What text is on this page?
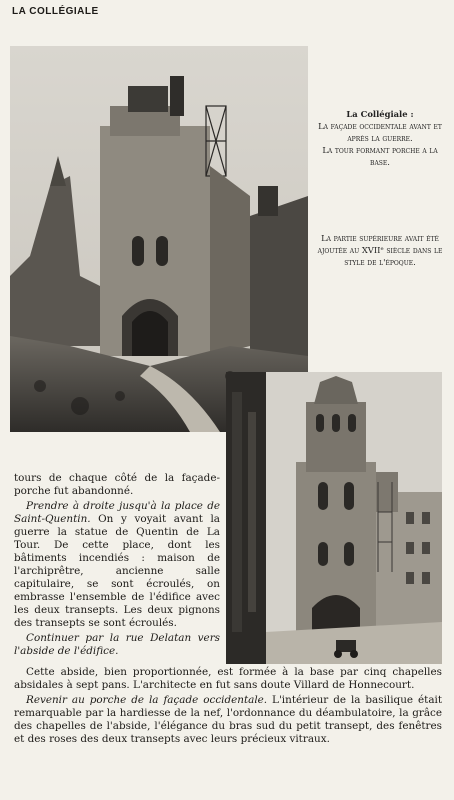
LA COLLÉGIALE
La Collégiale :
La façade occidentale avant et après la guerre.
La tour formant porche a la base.
La partie supérieure avait été ajoutée au XVIIᵉ siècle dans le style de l'époque.

tours de chaque côté de la façade-porche fut abandonné.

Prendre à droite jusqu'à la place de Saint-Quentin. On y voyait avant la guerre la statue de Quentin de La Tour. De cette place, dont les bâtiments incendiés : maison de l'archiprêtre, ancienne salle capitulaire, se sont écroulés, on embrasse l'ensemble de l'édifice avec les deux transepts. Les deux pignons des transepts se sont écroulés.

Continuer par la rue Delatan vers l'abside de l'édifice.

Cette abside, bien proportionnée, est formée à la base par cinq chapelles absidales à sept pans. L'architecte en fut sans doute Villard de Honnecourt.

Revenir au porche de la façade occidentale. L'intérieur de la basilique était remarquable par la hardiesse de la nef, l'ordonnance du déambulatoire, la grâce des chapelles de l'abside, l'élégance du bras sud du petit transept, des fenêtres et des roses des deux transepts avec leurs précieux vitraux.
